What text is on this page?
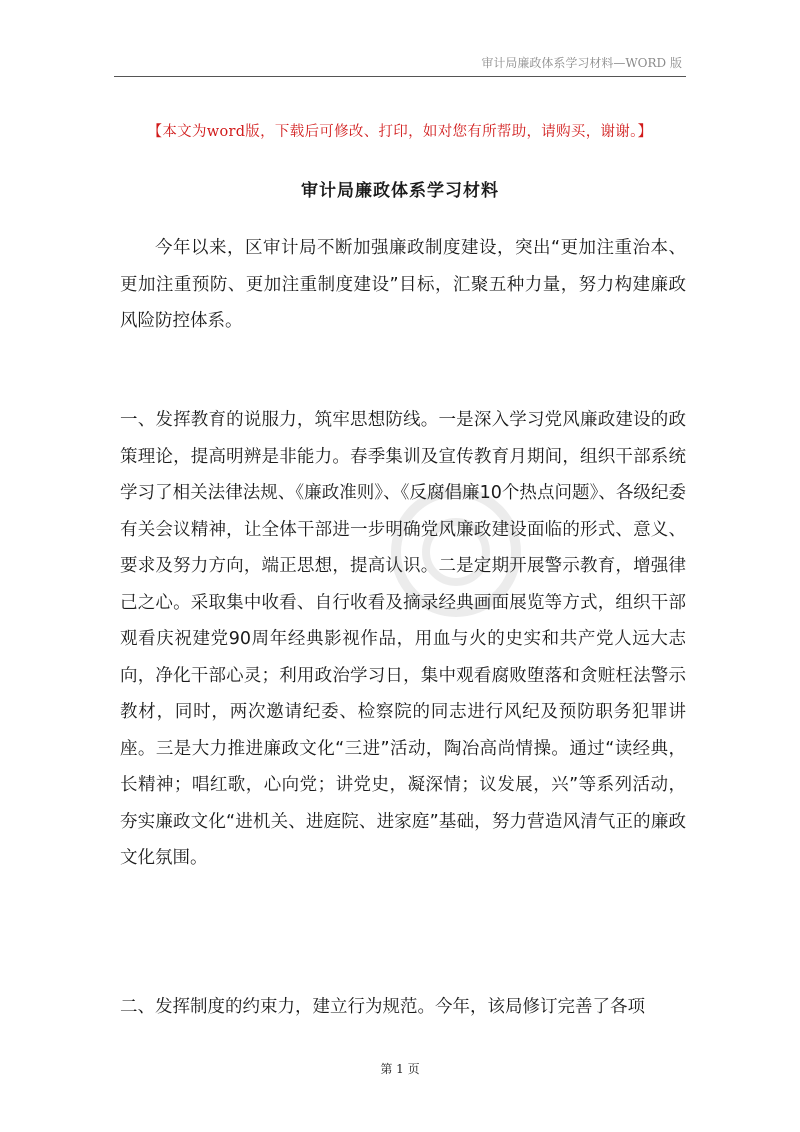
审计局廉政体系学习材料—WORD 版
【本文为word版，下载后可修改、打印，如对您有所帮助，请购买，谢谢。】
审计局廉政体系学习材料

今年以来，区审计局不断加强廉政制度建设，突出“更加注重治本、更加注重预防、更加注重制度建设”目标，汇聚五种力量，努力构建廉政风险防控体系。

一、发挥教育的说服力，筑牢思想防线。一是深入学习党风廉政建设的政策理论，提高明辨是非能力。春季集训及宣传教育月期间，组织干部系统学习了相关法律法规、《廉政准则》、《反腐倡廉10个热点问题》、各级纪委有关会议精神，让全体干部进一步明确党风廉政建设面临的形式、意义、要求及努力方向，端正思想，提高认识。二是定期开展警示教育，增强律己之心。采取集中收看、自行收看及摘录经典画面展览等方式，组织干部观看庆祝建党90周年经典影视作品，用血与火的史实和共产党人远大志向，净化干部心灵；利用政治学习日，集中观看腐败堕落和贪赃枉法警示教材，同时，两次邀请纪委、检察院的同志进行风纪及预防职务犯罪讲座。三是大力推进廉政文化“三进”活动，陶冶高尚情操。通过“读经典，长精神；唱红歌，心向党；讲党史，凝深情；议发展，兴”等系列活动，夯实廉政文化“进机关、进庭院、进家庭”基础，努力营造风清气正的廉政文化氛围。

二、发挥制度的约束力，建立行为规范。今年，该局修订完善了各项

第 1 页
